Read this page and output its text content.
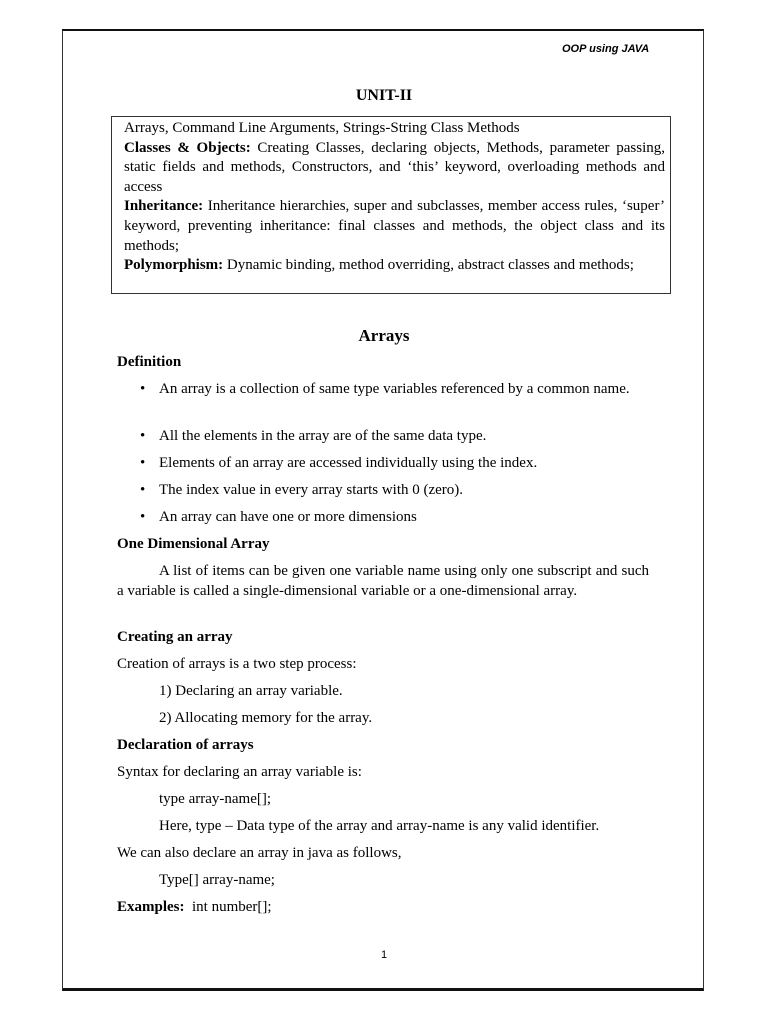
OOP using JAVA
UNIT-II

Arrays, Command Line Arguments, Strings-String Class Methods

Classes & Objects: Creating Classes, declaring objects, Methods, parameter passing, static fields and methods, Constructors, and ‘this’ keyword, overloading methods and access

Inheritance: Inheritance hierarchies, super and subclasses, member access rules, ‘super’ keyword, preventing inheritance: final classes and methods, the object class and its methods;

Polymorphism: Dynamic binding, method overriding, abstract classes and methods;

Arrays
Definition
• An array is a collection of same type variables referenced by a common name.
• All the elements in the array are of the same data type.
• Elements of an array are accessed individually using the index.
• The index value in every array starts with 0 (zero).
• An array can have one or more dimensions
One Dimensional Array
A list of items can be given one variable name using only one subscript and such a variable is called a single-dimensional variable or a one-dimensional array.
Creating an array
Creation of arrays is a two step process:
1) Declaring an array variable.
2) Allocating memory for the array.
Declaration of arrays
Syntax for declaring an array variable is:
type array-name[];
Here, type – Data type of the array and array-name is any valid identifier.
We can also declare an array in java as follows,
Type[] array-name;
Examples: int number[];
1
